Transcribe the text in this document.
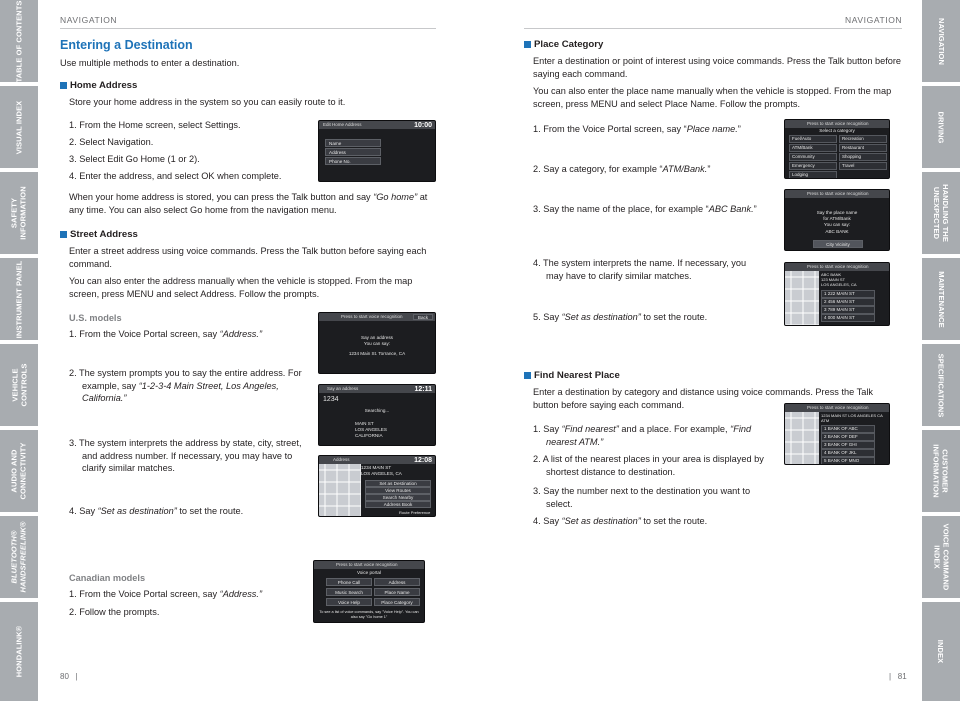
TABLE OF CONTENTS
VISUAL INDEX
SAFETY
INFORMATION
INSTRUMENT PANEL
VEHICLE
CONTROLS
AUDIO AND
CONNECTIVITY
BLUETOOTH®
HANDSFREELINK®
HONDALINK®
NAVIGATION
DRIVING
HANDLING THE
UNEXPECTED
MAINTENANCE
SPECIFICATIONS
CUSTOMER
INFORMATION
VOICE COMMAND
INDEX
INDEX
NAVIGATION
Entering a Destination
Use multiple methods to enter a destination.
Home Address
Store your home address in the system so you can easily route to it.
1. From the Home screen, select Settings.
2. Select Navigation.
3. Select Edit Go Home (1 or 2).
4. Enter the address, and select OK when complete.
When your home address is stored, you can press the Talk button and say “Go home” at any time. You can also select Go home from the navigation menu.
Edit Home Address	10:00
Name
Address
Phone No.
Street Address
Enter a street address using voice commands. Press the Talk button before saying each command.
You can also enter the address manually when the vehicle is stopped. From the map screen, press MENU and select Address. Follow the prompts.
U.S. models
1. From the Voice Portal screen, say “Address.”
2. The system prompts you to say the entire address. For example, say “1-2-3-4 Main Street, Los Angeles, California.”
3. The system interprets the address by state, city, street, and address number. If necessary, you may have to clarify similar matches.
4. Say “Set as destination” to set the route.
Canadian models
1. From the Voice Portal screen, say “Address.”
2. Follow the prompts.
Press to start voice recognition	Back
Say an address
You can say:
1234 Main St. Torrance, CA
Say an address	12:11
1234
Searching...
MAIN ST
LOS ANGELES
CALIFORNIA
Address	12:08
1234 MAIN ST
LOS ANGELES, CA
Set as Destination
View Routes
Search Nearby
Address Book
Route Preference
Press to start voice recognition
Voice portal
Phone Call	Address
Music Search	Place Name
Voice Help	Place Category
To see a list of voice commands, say "Voice Help". You can also say "Go home 1"
80 |
NAVIGATION
Place Category
Enter a destination or point of interest using voice commands. Press the Talk button before saying each command.
You can also enter the place name manually when the vehicle is stopped. From the map screen, press MENU and select Place Name. Follow the prompts.
1. From the Voice Portal screen, say “Place name.”
2. Say a category, for example “ATM/Bank.”
3. Say the name of the place, for example “ABC Bank.”
4. The system interprets the name. If necessary, you may have to clarify similar matches.
5. Say “Set as destination” to set the route.
Press to start voice recognition
Select a category
Fuel/Auto	Recreation
ATM/Bank	Restaurant
Community	Shopping
Emergency	Travel
Lodging
Press to start voice recognition
Say the place name
for ATM/Bank
You can say:
ABC BANK
City Vicinity
Press to start voice recognition
ABC BANK
123 MAIN ST
LOS ANGELES, CA
1 222 MAIN ST
2 456 MAIN ST
3 789 MAIN ST
4 000 MAIN ST
Find Nearest Place
Enter a destination by category and distance using voice commands. Press the Talk button before saying each command.
1. Say “Find nearest” and a place. For example, “Find nearest ATM.”
2. A list of the nearest places in your area is displayed by shortest distance to destination.
3. Say the number next to the destination you want to select.
4. Say “Set as destination” to set the route.
Press to start voice recognition
1234 MAIN ST LOS ANGELES CA
ATM
1 BANK OF ABC
2 BANK OF DEF
3 BANK OF GHI
4 BANK OF JKL
5 BANK OF MNO
| 81
